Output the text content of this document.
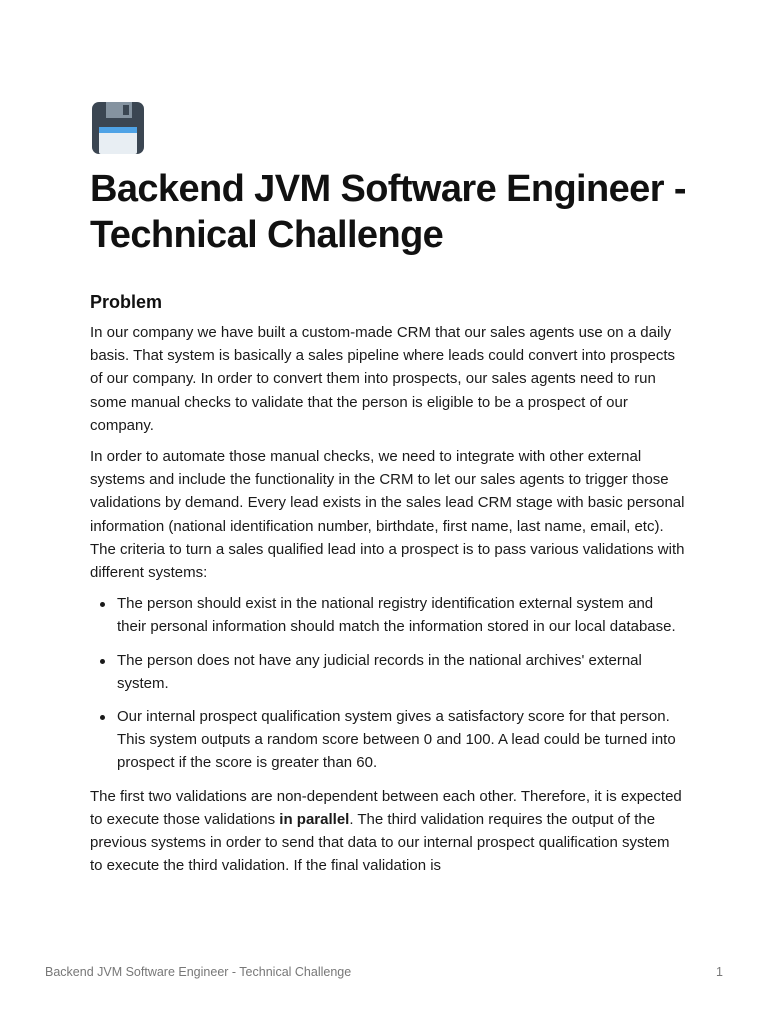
Backend JVM Software Engineer - Technical Challenge
Problem

In our company we have built a custom-made CRM that our sales agents use on a daily basis. That system is basically a sales pipeline where leads could convert into prospects of our company. In order to convert them into prospects, our sales agents need to run some manual checks to validate that the person is eligible to be a prospect of our company.

In order to automate those manual checks, we need to integrate with other external systems and include the functionality in the CRM to let our sales agents to trigger those validations by demand. Every lead exists in the sales lead CRM stage with basic personal information (national identification number, birthdate, first name, last name, email, etc). The criteria to turn a sales qualified lead into a prospect is to pass various validations with different systems:

The person should exist in the national registry identification external system and their personal information should match the information stored in our local database.
The person does not have any judicial records in the national archives' external system.
Our internal prospect qualification system gives a satisfactory score for that person. This system outputs a random score between 0 and 100. A lead could be turned into prospect if the score is greater than 60.

The first two validations are non-dependent between each other. Therefore, it is expected to execute those validations in parallel. The third validation requires the output of the previous systems in order to send that data to our internal prospect qualification system to execute the third validation. If the final validation is

Backend JVM Software Engineer - Technical Challenge	1
